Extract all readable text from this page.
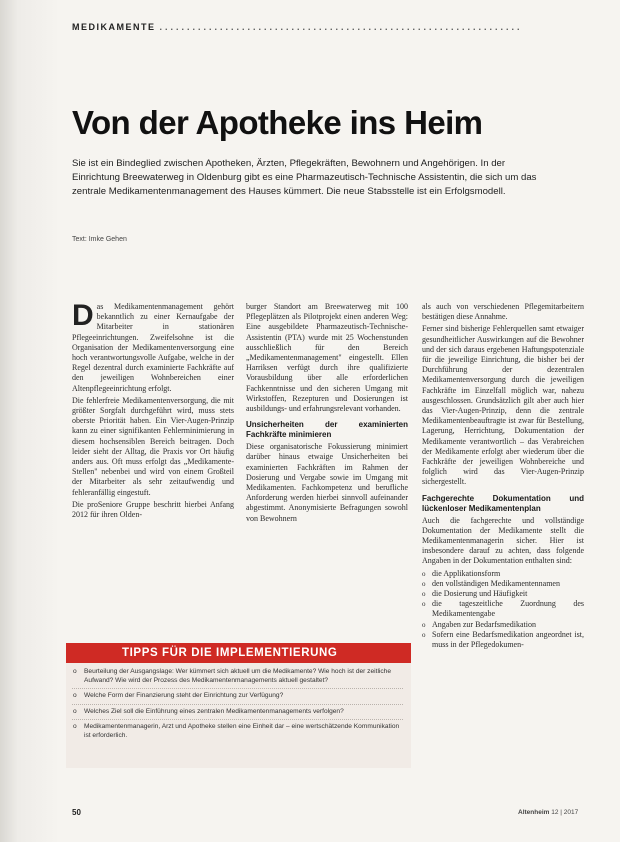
MEDIKAMENTE ..................................................................
Von der Apotheke ins Heim

Sie ist ein Bindeglied zwischen Apotheken, Ärzten, Pflegekräften, Bewohnern und Angehörigen. In der Einrichtung Breewaterweg in Oldenburg gibt es eine Pharmazeutisch-Technische Assistentin, die sich um das zentrale Medikamentenmanagement des Hauses kümmert. Die neue Stabsstelle ist ein Erfolgsmodell.

Text: Imke Gehen

Das Medikamentenmanagement gehört bekanntlich zu einer Kernaufgabe der Mitarbeiter in stationären Pflegeeinrichtungen. Zweifelsohne ist die Organisation der Medikamentenversorgung eine hoch verantwortungsvolle Aufgabe, welche in der Regel dezentral durch examinierte Fachkräfte auf den jeweiligen Wohnbereichen einer Altenpflegeeinrichtung erfolgt.

Die fehlerfreie Medikamentenversorgung, die mit größter Sorgfalt durchgeführt wird, muss stets oberste Priorität haben. Ein Vier-Augen-Prinzip kann zu einer signifikanten Fehlerminimierung in diesem hochsensiblen Bereich beitragen. Doch leider sieht der Alltag, die Praxis vor Ort häufig anders aus. Oft muss erfolgt das „Medikamente-Stellen" nebenbei und wird von einem Großteil der Mitarbeiter als sehr zeitaufwendig und fehleranfällig eingestuft.

Die proSeniore Gruppe beschritt hierbei Anfang 2012 für ihren Olden-

burger Standort am Breewaterweg mit 100 Pflegeplätzen als Pilotprojekt einen anderen Weg: Eine ausgebildete Pharmazeutisch-Technische-Assistentin (PTA) wurde mit 25 Wochenstunden ausschließlich für den Bereich „Medikamentenmanagement" eingestellt. Ellen Harriksen verfügt durch ihre qualifizierte Vorausbildung über alle erforderlichen Fachkenntnisse und den sicheren Umgang mit Wirkstoffen, Rezepturen und Dosierungen ist ausbildungs- und erfahrungsrelevant vorhanden.

Unsicherheiten der examinierten Fachkräfte minimieren

Diese organisatorische Fokussierung minimiert darüber hinaus etwaige Unsicherheiten bei examinierten Fachkräften im Rahmen der Dosierung und Vergabe sowie im Umgang mit Medikamenten. Fachkompetenz und berufliche Anforderung werden hierbei sinnvoll aufeinander abgestimmt. Anonymisierte Befragungen sowohl von Bewohnern

als auch von verschiedenen Pflegemitarbeitern bestätigen diese Annahme.

Ferner sind bisherige Fehlerquellen samt etwaiger gesundheitlicher Auswirkungen auf die Bewohner und der sich daraus ergebenen Haftungspotenziale für die jeweilige Einrichtung, die bisher bei der Durchführung der dezentralen Medikamentenversorgung durch die jeweiligen Fachkräfte im Einzelfall möglich war, nahezu ausgeschlossen. Grundsätzlich gilt aber auch hier das Vier-Augen-Prinzip, denn die zentrale Medikamentenbeauftragte ist zwar für Bestellung, Lagerung, Herrichtung, Dokumentation der Medikamente verantwortlich – das Verabreichen der Medikamente erfolgt aber wiederum über die Fachkräfte der jeweiligen Wohnbereiche und folglich wird das Vier-Augen-Prinzip sichergestellt.

Fachgerechte Dokumentation und lückenloser Medikamentenplan

Auch die fachgerechte und vollständige Dokumentation der Medikamente stellt die Medikamentenmanagerin sicher. Hier ist insbesondere darauf zu achten, dass folgende Angaben in der Dokumentation enthalten sind:

o die Applikationsform
o den vollständigen Medikamentennamen
o die Dosierung und Häufigkeit
o die tageszeitliche Zuordnung des Medikamentengabe
o Angaben zur Bedarfsmedikation
o Sofern eine Bedarfsmedikation angeordnet ist, muss in der Pflegedokumen-
TIPPS FÜR DIE IMPLEMENTIERUNG
o Beurteilung der Ausgangslage: Wer kümmert sich aktuell um die Medikamente? Wie hoch ist der zeitliche Aufwand? Wie wird der Prozess des Medikamentenmanagements aktuell gestaltet?
o Welche Form der Finanzierung steht der Einrichtung zur Verfügung?
o Welches Ziel soll die Einführung eines zentralen Medikamentenmanagements verfolgen?
o Medikamentenmanagerin, Arzt und Apotheke stellen eine Einheit dar – eine wertschätzende Kommunikation ist erforderlich.
50	Altenheim 12 | 2017
